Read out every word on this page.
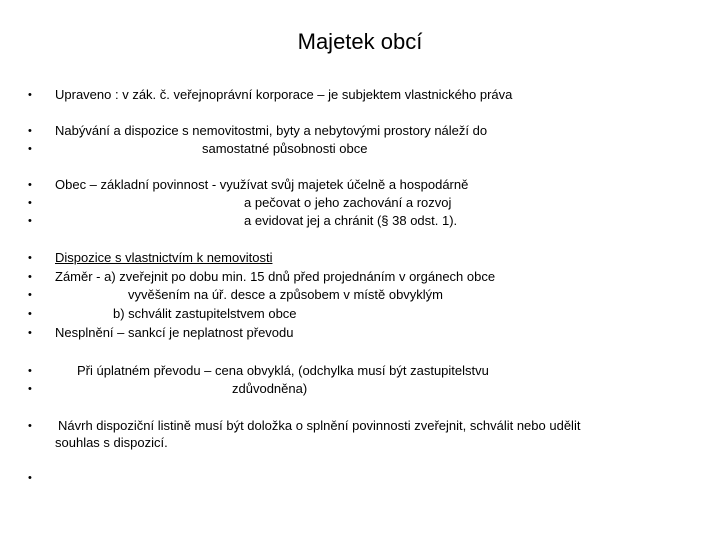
Majetek obcí
•
•
•
•
•
•
•
•
•
•
•
•
•
•
•
Upraveno : v zák. č. veřejnoprávní korporace – je subjektem vlastnického práva
Nabývání a dispozice s nemovitostmi, byty a nebytovými prostory náleží do
samostatné působnosti obce
Obec – základní povinnost - využívat svůj majetek účelně a hospodárně
a pečovat o jeho zachování a rozvoj
a evidovat jej a chránit (§ 38 odst. 1).
Dispozice s vlastnictvím k nemovitosti
Záměr - a) zveřejnit po dobu min. 15 dnů před projednáním v orgánech obce
vyvěšením na úř. desce a způsobem v místě obvyklým
b) schválit zastupitelstvem obce
Nesplnění – sankcí je neplatnost převodu
Při úplatném převodu – cena obvyklá, (odchylka musí být zastupitelstvu
zdůvodněna)
Návrh dispoziční listině musí být doložka o splnění povinnosti zveřejnit, schválit nebo udělit
souhlas s dispozicí.
